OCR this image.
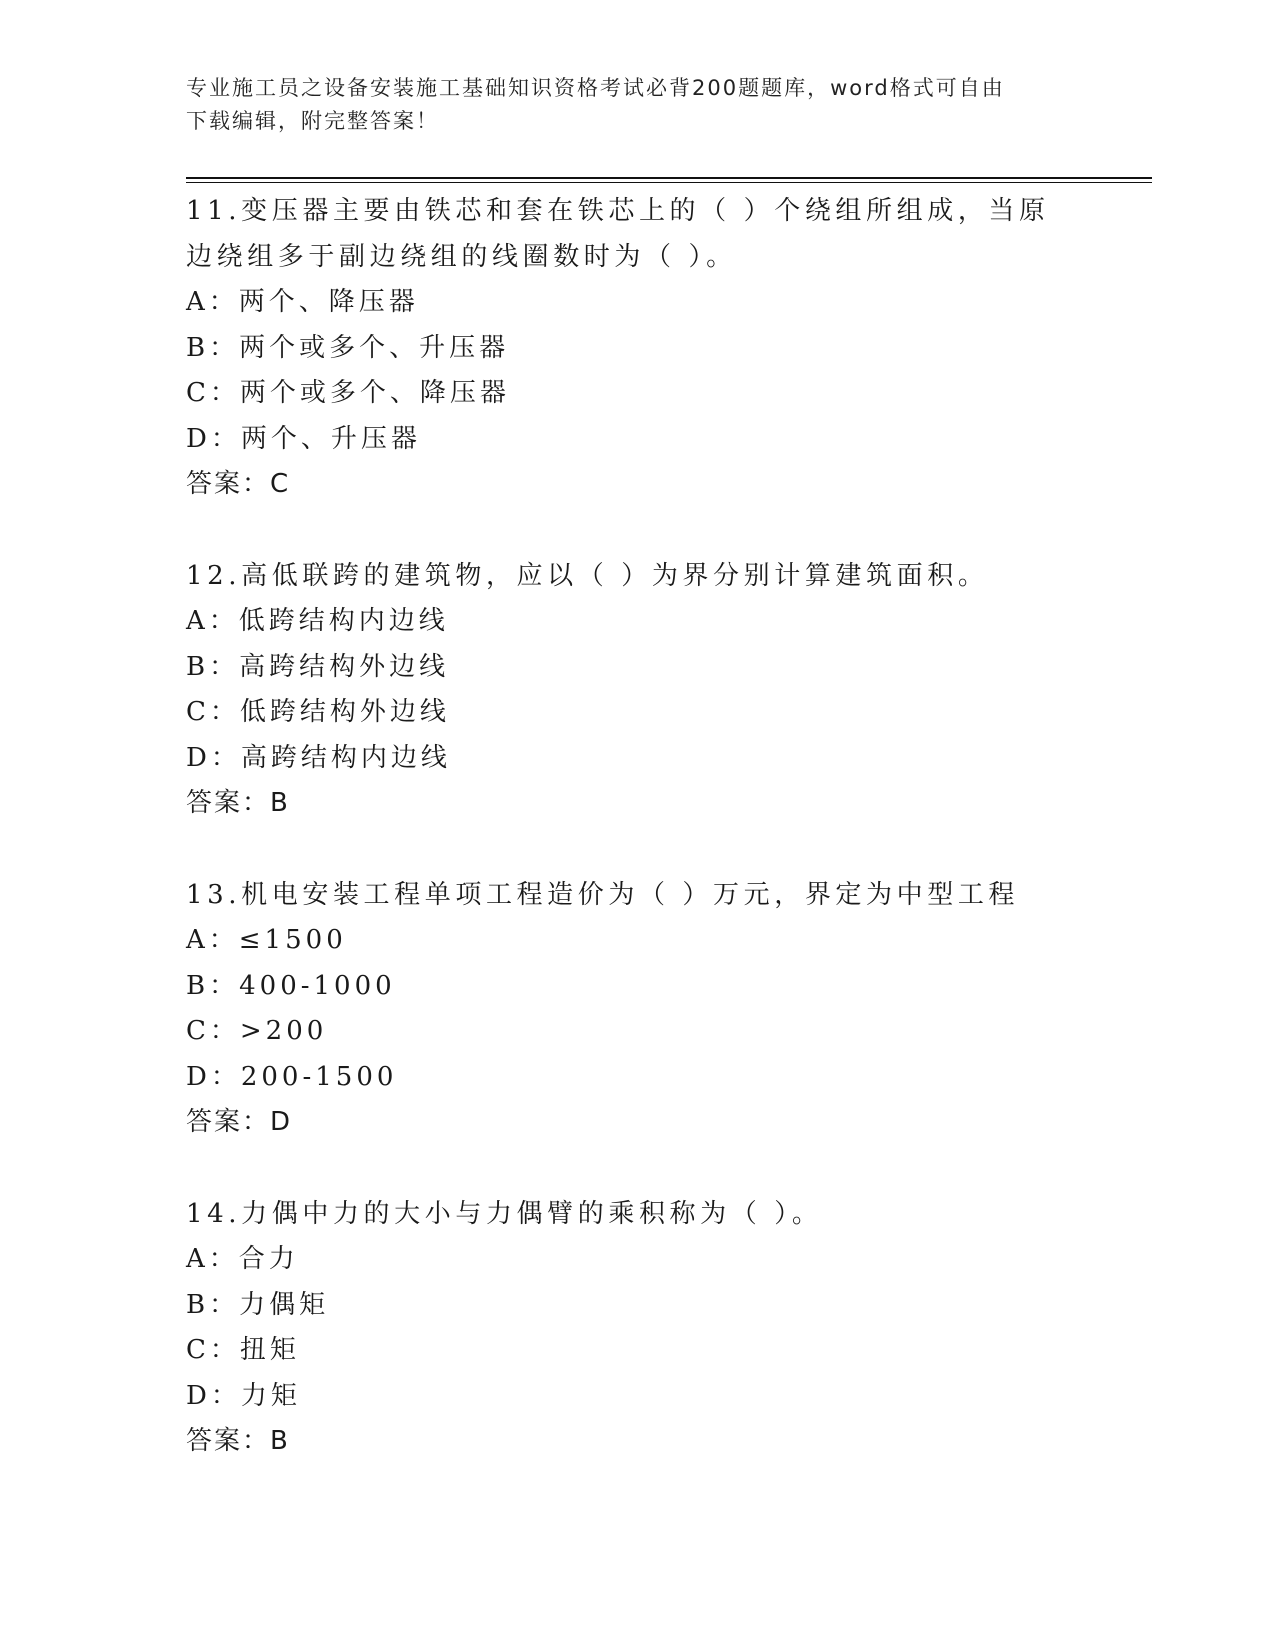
专业施工员之设备安装施工基础知识资格考试必背200题题库，word格式可自由
下载编辑，附完整答案！
11.变压器主要由铁芯和套在铁芯上的（ ）个绕组所组成，当原边绕组多于副边绕组的线圈数时为（ ）。
A：两个、降压器
B：两个或多个、升压器
C：两个或多个、降压器
D：两个、升压器
答案：C
12.高低联跨的建筑物，应以（ ）为界分别计算建筑面积。
A：低跨结构内边线
B：高跨结构外边线
C：低跨结构外边线
D：高跨结构内边线
答案：B
13.机电安装工程单项工程造价为（ ）万元，界定为中型工程
A：≤1500
B：400-1000
C：>200
D：200-1500
答案：D
14.力偶中力的大小与力偶臂的乘积称为（ ）。
A：合力
B：力偶矩
C：扭矩
D：力矩
答案：B
